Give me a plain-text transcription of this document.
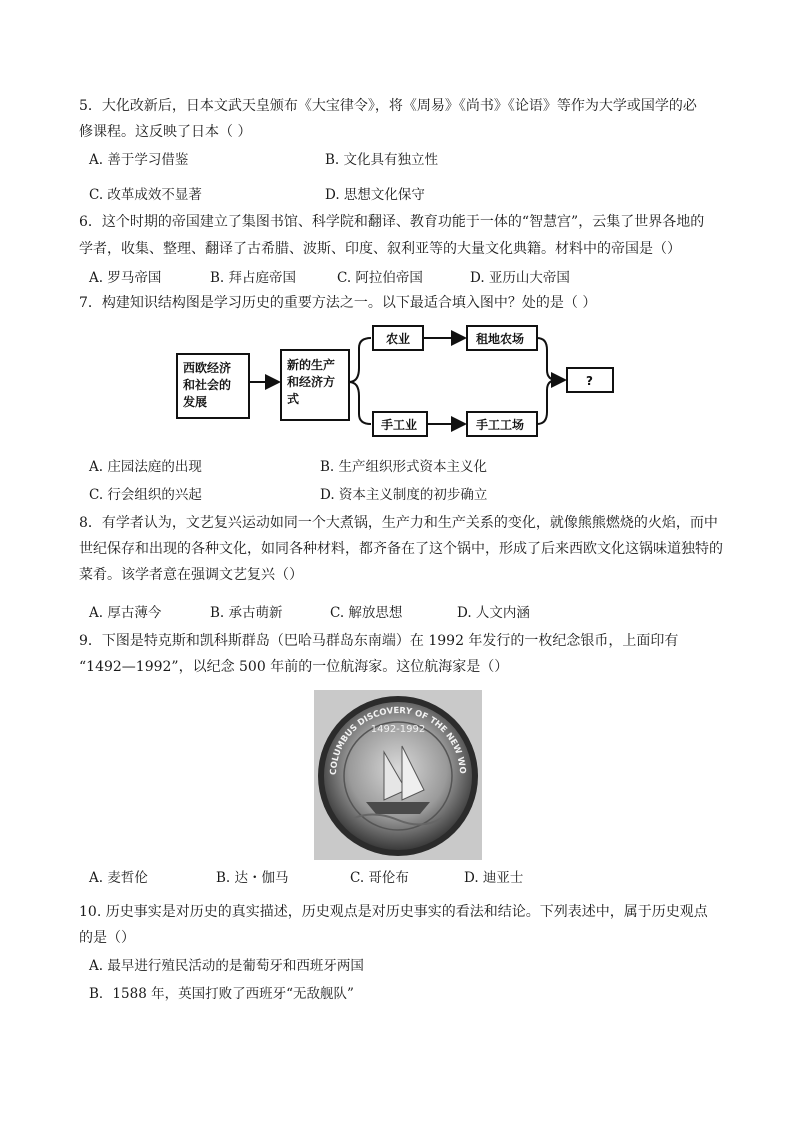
5．大化改新后，日本文武天皇颁布《大宝律令》，将《周易》《尚书》《论语》等作为大学或国学的必
修课程。这反映了日本（ ）
A. 善于学习借鉴	B. 文化具有独立性
C. 改革成效不显著	D. 思想文化保守
6．这个时期的帝国建立了集图书馆、科学院和翻译、教育功能于一体的“智慧宫”，云集了世界各地的
学者，收集、整理、翻译了古希腊、波斯、印度、叙利亚等的大量文化典籍。材料中的帝国是（）
A. 罗马帝国	B. 拜占庭帝国	C. 阿拉伯帝国	D. 亚历山大帝国
7．构建知识结构图是学习历史的重要方法之一。以下最适合填入图中？处的是（ ）
西欧经济
和社会的
发展
新的生产
和经济方
式
农业	租地农场
手工业	手工工场
?
A. 庄园法庭的出现	B. 生产组织形式资本主义化
C. 行会组织的兴起	D. 资本主义制度的初步确立
8．有学者认为，文艺复兴运动如同一个大煮锅，生产力和生产关系的变化，就像熊熊燃烧的火焰，而中
世纪保存和出现的各种文化，如同各种材料，都齐备在了这个锅中，形成了后来西欧文化这锅味道独特的
菜肴。该学者意在强调文艺复兴（）
A. 厚古薄今	B. 承古萌新	C. 解放思想	D. 人文内涵
9．下图是特克斯和凯科斯群岛（巴哈马群岛东南端）在 1992 年发行的一枚纪念银币，上面印有
“1492—1992”，以纪念 500 年前的一位航海家。这位航海家是（）
COLUMBUS DISCOVERY OF THE NEW WO
1492-1992
A. 麦哲伦	B. 达・伽马	C. 哥伦布	D. 迪亚士
10. 历史事实是对历史的真实描述，历史观点是对历史事实的看法和结论。下列表述中，属于历史观点
的是（）
A. 最早进行殖民活动的是葡萄牙和西班牙两国
B．1588 年，英国打败了西班牙“无敌舰队”
